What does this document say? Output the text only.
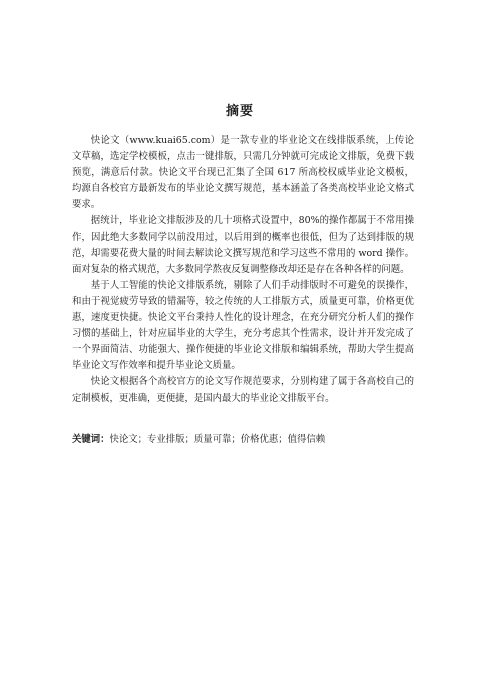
摘要

快论文（www.kuai65.com）是一款专业的毕业论文在线排版系统，上传论文草稿，选定学校模板，点击一键排版，只需几分钟就可完成论文排版，免费下载预览，满意后付款。快论文平台现已汇集了全国 617 所高校权威毕业论文模板，均源自各校官方最新发布的毕业论文撰写规范，基本涵盖了各类高校毕业论文格式要求。

据统计，毕业论文排版涉及的几十项格式设置中，80%的操作都属于不常用操作，因此绝大多数同学以前没用过，以后用到的概率也很低，但为了达到排版的规范，却需要花费大量的时间去解读论文撰写规范和学习这些不常用的 word 操作。面对复杂的格式规范，大多数同学熬夜反复调整修改却还是存在各种各样的问题。

基于人工智能的快论文排版系统，剔除了人们手动排版时不可避免的误操作，和由于视觉疲劳导致的错漏等，较之传统的人工排版方式，质量更可靠，价格更优惠，速度更快捷。快论文平台秉持人性化的设计理念，在充分研究分析人们的操作习惯的基础上，针对应届毕业的大学生，充分考虑其个性需求，设计并开发完成了一个界面简洁、功能强大、操作便捷的毕业论文排版和编辑系统，帮助大学生提高毕业论文写作效率和提升毕业论文质量。

快论文根据各个高校官方的论文写作规范要求，分别构建了属于各高校自己的定制模板，更准确，更便捷，是国内最大的毕业论文排版平台。

关键词：快论文；专业排版；质量可靠；价格优惠；值得信赖
